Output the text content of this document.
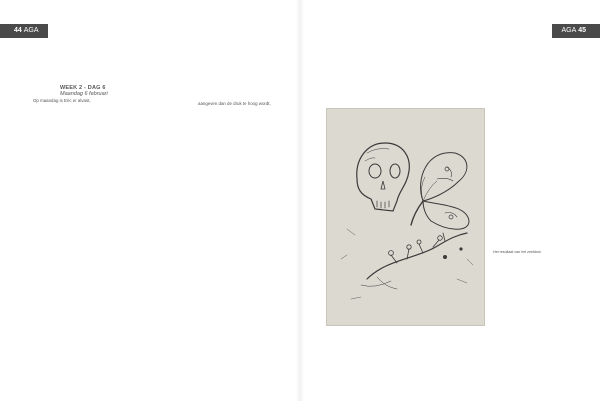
44 AGA	AGA 45
WEEK 2 - DAG 6
Maandag 6 februari
Op maandag is Eric er alvast,
aangeven dan de druk te hoog wordt,
Het resultaat van het zeefdruk
